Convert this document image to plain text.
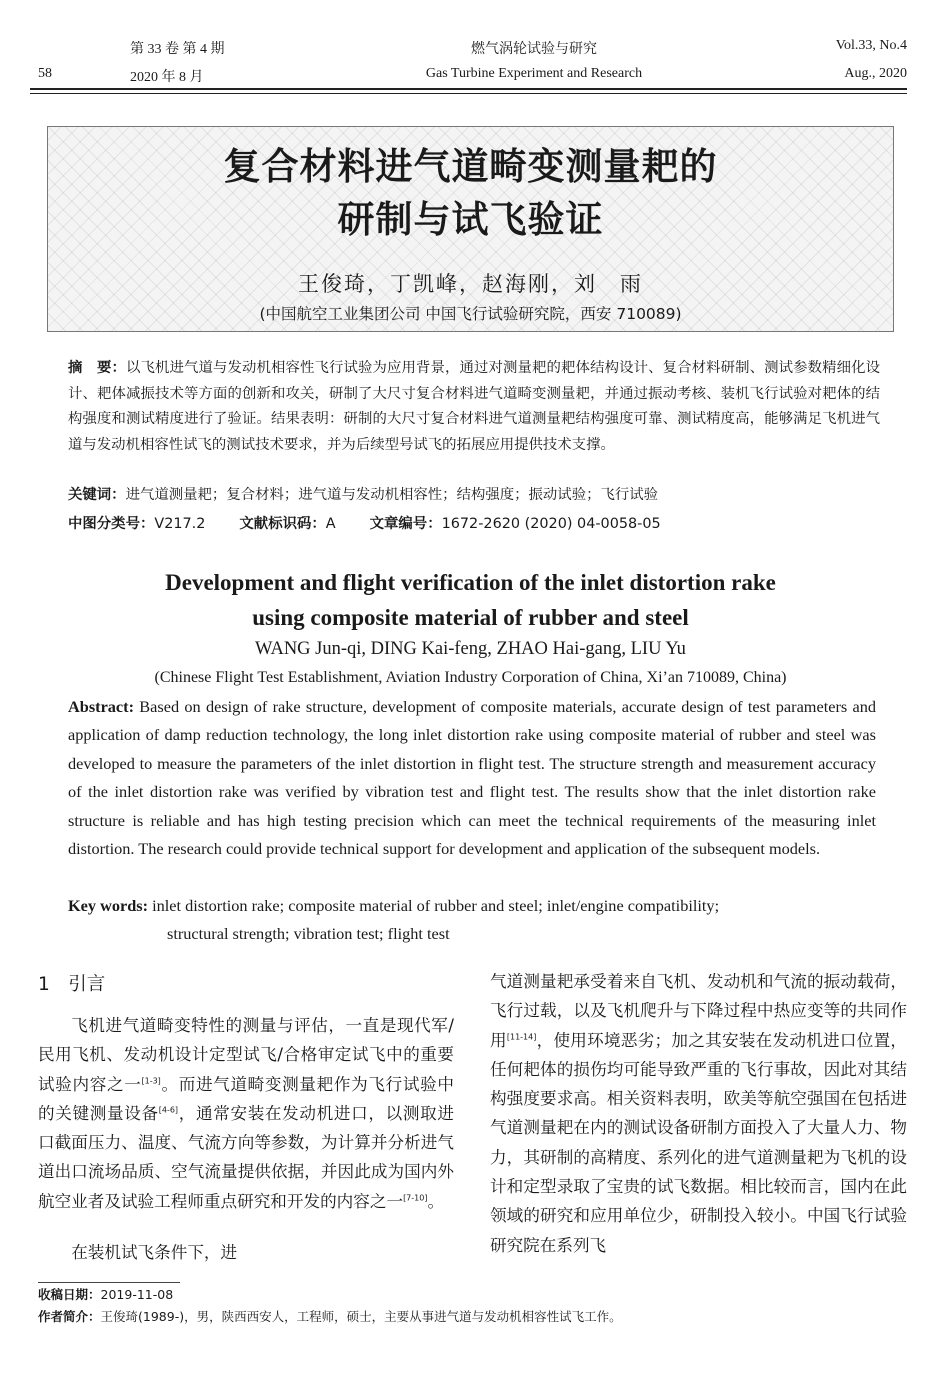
第 33 卷 第 4 期
58	2020 年 8 月
燃气涡轮试验与研究
Gas Turbine Experiment and Research
Vol.33, No.4
Aug., 2020
复合材料进气道畸变测量耙的
研制与试飞验证
王俊琦，丁凯峰，赵海刚，刘　雨
(中国航空工业集团公司 中国飞行试验研究院，西安 710089)
摘　要：以飞机进气道与发动机相容性飞行试验为应用背景，通过对测量耙的耙体结构设计、复合材料研制、测试参数精细化设计、耙体减振技术等方面的创新和攻关，研制了大尺寸复合材料进气道畸变测量耙，并通过振动考核、装机飞行试验对耙体的结构强度和测试精度进行了验证。结果表明：研制的大尺寸复合材料进气道测量耙结构强度可靠、测试精度高，能够满足飞机进气道与发动机相容性试飞的测试技术要求，并为后续型号试飞的拓展应用提供技术支撑。
关键词：进气道测量耙；复合材料；进气道与发动机相容性；结构强度；振动试验；飞行试验
中图分类号：V217.2 文献标识码：A 文章编号：1672-2620 (2020) 04-0058-05
Development and flight verification of the inlet distortion rake
using composite material of rubber and steel
WANG Jun-qi, DING Kai-feng, ZHAO Hai-gang, LIU Yu
(Chinese Flight Test Establishment, Aviation Industry Corporation of China, Xi’an 710089, China)
Abstract: Based on design of rake structure, development of composite materials, accurate design of test parameters and application of damp reduction technology, the long inlet distortion rake using composite material of rubber and steel was developed to measure the parameters of the inlet distortion in flight test. The structure strength and measurement accuracy of the inlet distortion rake was verified by vibration test and flight test. The results show that the inlet distortion rake structure is reliable and has high testing precision which can meet the technical requirements of the measuring inlet distortion. The research could provide technical support for development and application of the subsequent models.
Key words: inlet distortion rake; composite material of rubber and steel; inlet/engine compatibility;
structural strength; vibration test; flight test
1　引言

飞机进气道畸变特性的测量与评估，一直是现代军/民用飞机、发动机设计定型试飞/合格审定试飞中的重要试验内容之一[1-3]。而进气道畸变测量耙作为飞行试验中的关键测量设备[4-6]，通常安装在发动机进口，以测取进口截面压力、温度、气流方向等参数，为计算并分析进气道出口流场品质、空气流量提供依据，并因此成为国内外航空业者及试验工程师重点研究和开发的内容之一[7-10]。

在装机试飞条件下，进

气道测量耙承受着来自飞机、发动机和气流的振动载荷，飞行过载，以及飞机爬升与下降过程中热应变等的共同作用[11-14]，使用环境恶劣；加之其安装在发动机进口位置，任何耙体的损伤均可能导致严重的飞行事故，因此对其结构强度要求高。相关资料表明，欧美等航空强国在包括进气道测量耙在内的测试设备研制方面投入了大量人力、物力，其研制的高精度、系列化的进气道测量耙为飞机的设计和定型录取了宝贵的试飞数据。相比较而言，国内在此领域的研究和应用单位少，研制投入较小。中国飞行试验研究院在系列飞

收稿日期：2019-11-08
作者简介：王俊琦(1989-)，男，陕西西安人，工程师，硕士，主要从事进气道与发动机相容性试飞工作。
